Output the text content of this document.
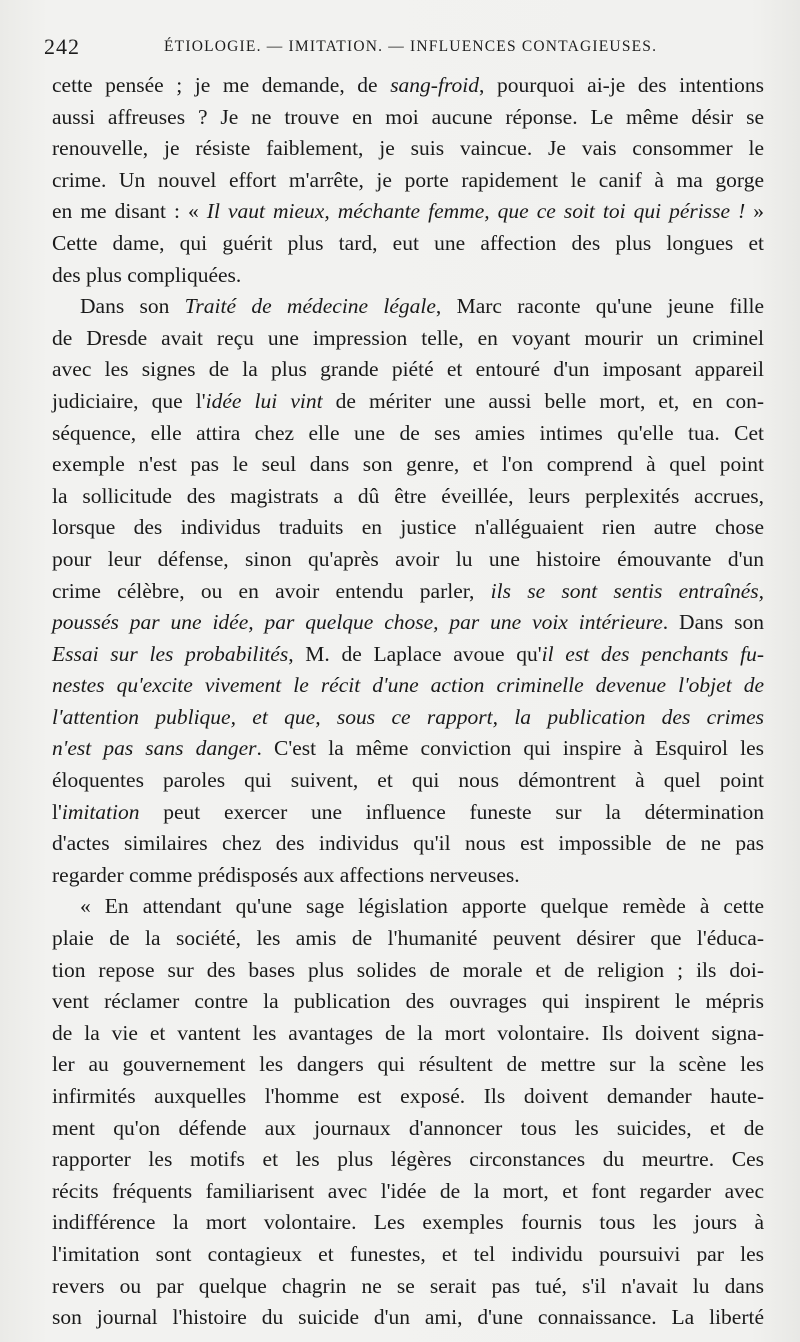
242	ÉTIOLOGIE. — IMITATION. — INFLUENCES CONTAGIEUSES.
cette pensée ; je me demande, de sang-froid, pourquoi ai-je des intentions
aussi affreuses ? Je ne trouve en moi aucune réponse. Le même désir se
renouvelle, je résiste faiblement, je suis vaincue. Je vais consommer le
crime. Un nouvel effort m'arrête, je porte rapidement le canif à ma gorge
en me disant : « Il vaut mieux, méchante femme, que ce soit toi qui périsse ! »
Cette dame, qui guérit plus tard, eut une affection des plus longues et
des plus compliquées.
Dans son Traité de médecine légale, Marc raconte qu'une jeune fille
de Dresde avait reçu une impression telle, en voyant mourir un criminel
avec les signes de la plus grande piété et entouré d'un imposant appareil
judiciaire, que l'idée lui vint de mériter une aussi belle mort, et, en con-
séquence, elle attira chez elle une de ses amies intimes qu'elle tua. Cet
exemple n'est pas le seul dans son genre, et l'on comprend à quel point
la sollicitude des magistrats a dû être éveillée, leurs perplexités accrues,
lorsque des individus traduits en justice n'alléguaient rien autre chose
pour leur défense, sinon qu'après avoir lu une histoire émouvante d'un
crime célèbre, ou en avoir entendu parler, ils se sont sentis entraînés,
poussés par une idée, par quelque chose, par une voix intérieure. Dans son
Essai sur les probabilités, M. de Laplace avoue qu'il est des penchants fu-
nestes qu'excite vivement le récit d'une action criminelle devenue l'objet de
l'attention publique, et que, sous ce rapport, la publication des crimes
n'est pas sans danger. C'est la même conviction qui inspire à Esquirol les
éloquentes paroles qui suivent, et qui nous démontrent à quel point
l'imitation peut exercer une influence funeste sur la détermination
d'actes similaires chez des individus qu'il nous est impossible de ne pas
regarder comme prédisposés aux affections nerveuses.
« En attendant qu'une sage législation apporte quelque remède à cette
plaie de la société, les amis de l'humanité peuvent désirer que l'éduca-
tion repose sur des bases plus solides de morale et de religion ; ils doi-
vent réclamer contre la publication des ouvrages qui inspirent le mépris
de la vie et vantent les avantages de la mort volontaire. Ils doivent signa-
ler au gouvernement les dangers qui résultent de mettre sur la scène les
infirmités auxquelles l'homme est exposé. Ils doivent demander haute-
ment qu'on défende aux journaux d'annoncer tous les suicides, et de
rapporter les motifs et les plus légères circonstances du meurtre. Ces
récits fréquents familiarisent avec l'idée de la mort, et font regarder avec
indifférence la mort volontaire. Les exemples fournis tous les jours à
l'imitation sont contagieux et funestes, et tel individu poursuivi par les
revers ou par quelque chagrin ne se serait pas tué, s'il n'avait lu dans
son journal l'histoire du suicide d'un ami, d'une connaissance. La liberté
